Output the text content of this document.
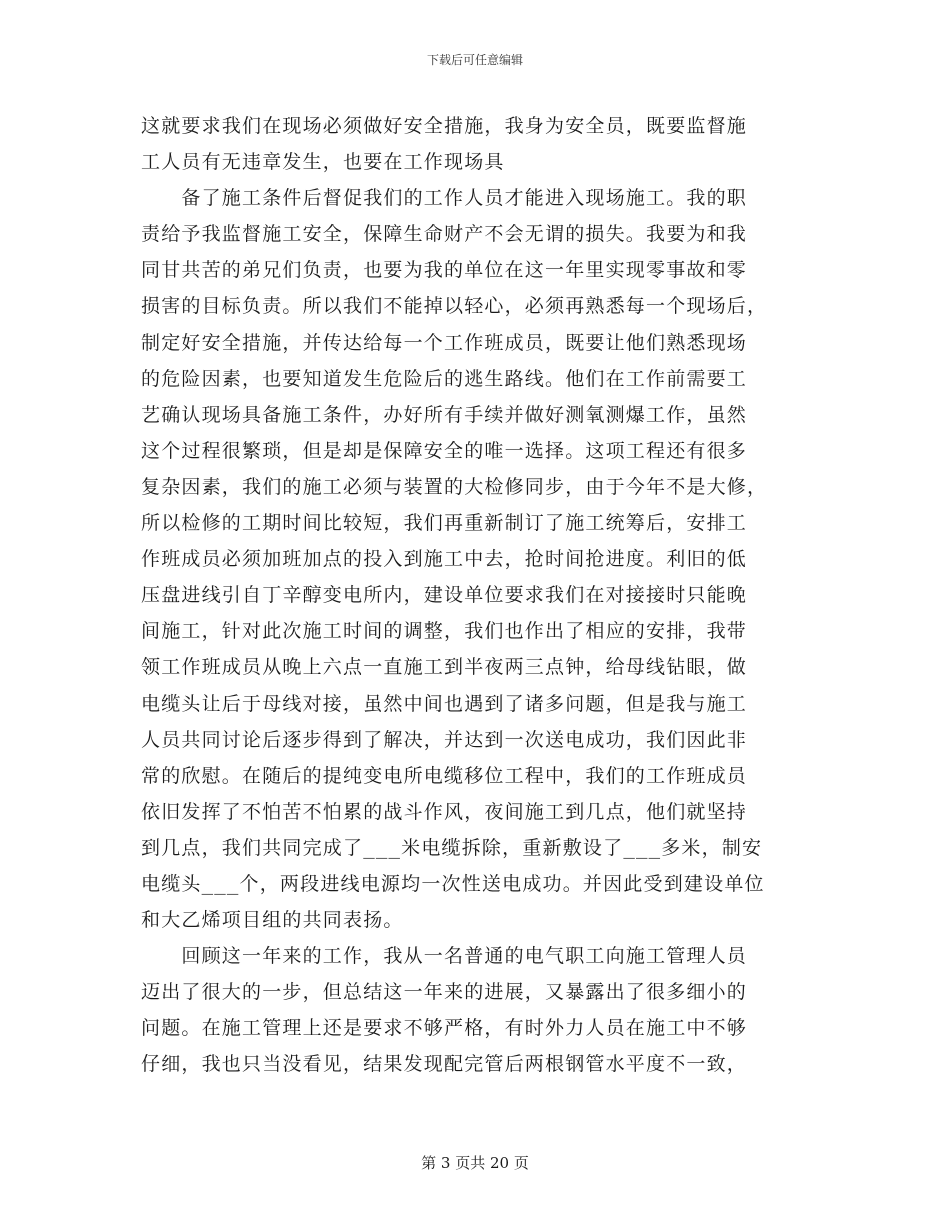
下载后可任意编辑

这就要求我们在现场必须做好安全措施，我身为安全员，既要监督施
工人员有无违章发生，也要在工作现场具

　　备了施工条件后督促我们的工作人员才能进入现场施工。我的职
责给予我监督施工安全，保障生命财产不会无谓的损失。我要为和我
同甘共苦的弟兄们负责，也要为我的单位在这一年里实现零事故和零
损害的目标负责。所以我们不能掉以轻心，必须再熟悉每一个现场后，
制定好安全措施，并传达给每一个工作班成员，既要让他们熟悉现场
的危险因素，也要知道发生危险后的逃生路线。他们在工作前需要工
艺确认现场具备施工条件，办好所有手续并做好测氧测爆工作，虽然
这个过程很繁琐，但是却是保障安全的唯一选择。这项工程还有很多
复杂因素，我们的施工必须与装置的大检修同步，由于今年不是大修，
所以检修的工期时间比较短，我们再重新制订了施工统筹后，安排工
作班成员必须加班加点的投入到施工中去，抢时间抢进度。利旧的低
压盘进线引自丁辛醇变电所内，建设单位要求我们在对接接时只能晚
间施工，针对此次施工时间的调整，我们也作出了相应的安排，我带
领工作班成员从晚上六点一直施工到半夜两三点钟，给母线钻眼，做
电缆头让后于母线对接，虽然中间也遇到了诸多问题，但是我与施工
人员共同讨论后逐步得到了解决，并达到一次送电成功，我们因此非
常的欣慰。在随后的提纯变电所电缆移位工程中，我们的工作班成员
依旧发挥了不怕苦不怕累的战斗作风，夜间施工到几点，他们就坚持
到几点，我们共同完成了___米电缆拆除，重新敷设了___多米，制安
电缆头___个，两段进线电源均一次性送电成功。并因此受到建设单位
和大乙烯项目组的共同表扬。

　　回顾这一年来的工作，我从一名普通的电气职工向施工管理人员
迈出了很大的一步，但总结这一年来的进展，又暴露出了很多细小的
问题。在施工管理上还是要求不够严格，有时外力人员在施工中不够
仔细，我也只当没看见，结果发现配完管后两根钢管水平度不一致，

第 3 页共 20 页
